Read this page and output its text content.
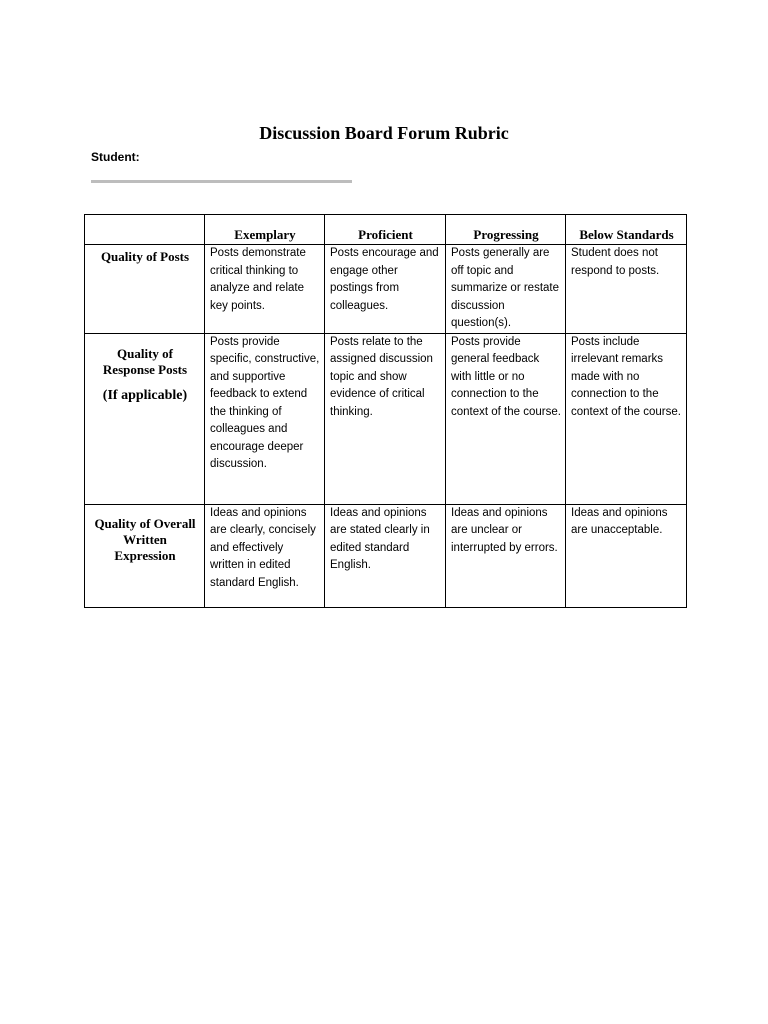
Discussion Board Forum Rubric
Student:
	Exemplary	Proficient	Progressing	Below Standards

Quality of Posts	Posts demonstrate critical thinking to analyze and relate key points.	Posts encourage and engage other postings from colleagues.	Posts generally are off topic and summarize or restate discussion question(s).	Student does not respond to posts.

Quality of Response Posts
(If applicable)	Posts provide specific, constructive, and supportive feedback to extend the thinking of colleagues and encourage deeper discussion.	Posts relate to the assigned discussion topic and show evidence of critical thinking.	Posts provide general feedback with little or no connection to the context of the course.	Posts include irrelevant remarks made with no connection to the context of the course.

Quality of Overall Written Expression	Ideas and opinions are clearly, concisely and effectively written in edited standard English.	Ideas and opinions are stated clearly in edited standard English.	Ideas and opinions are unclear or interrupted by errors.	Ideas and opinions are unacceptable.
